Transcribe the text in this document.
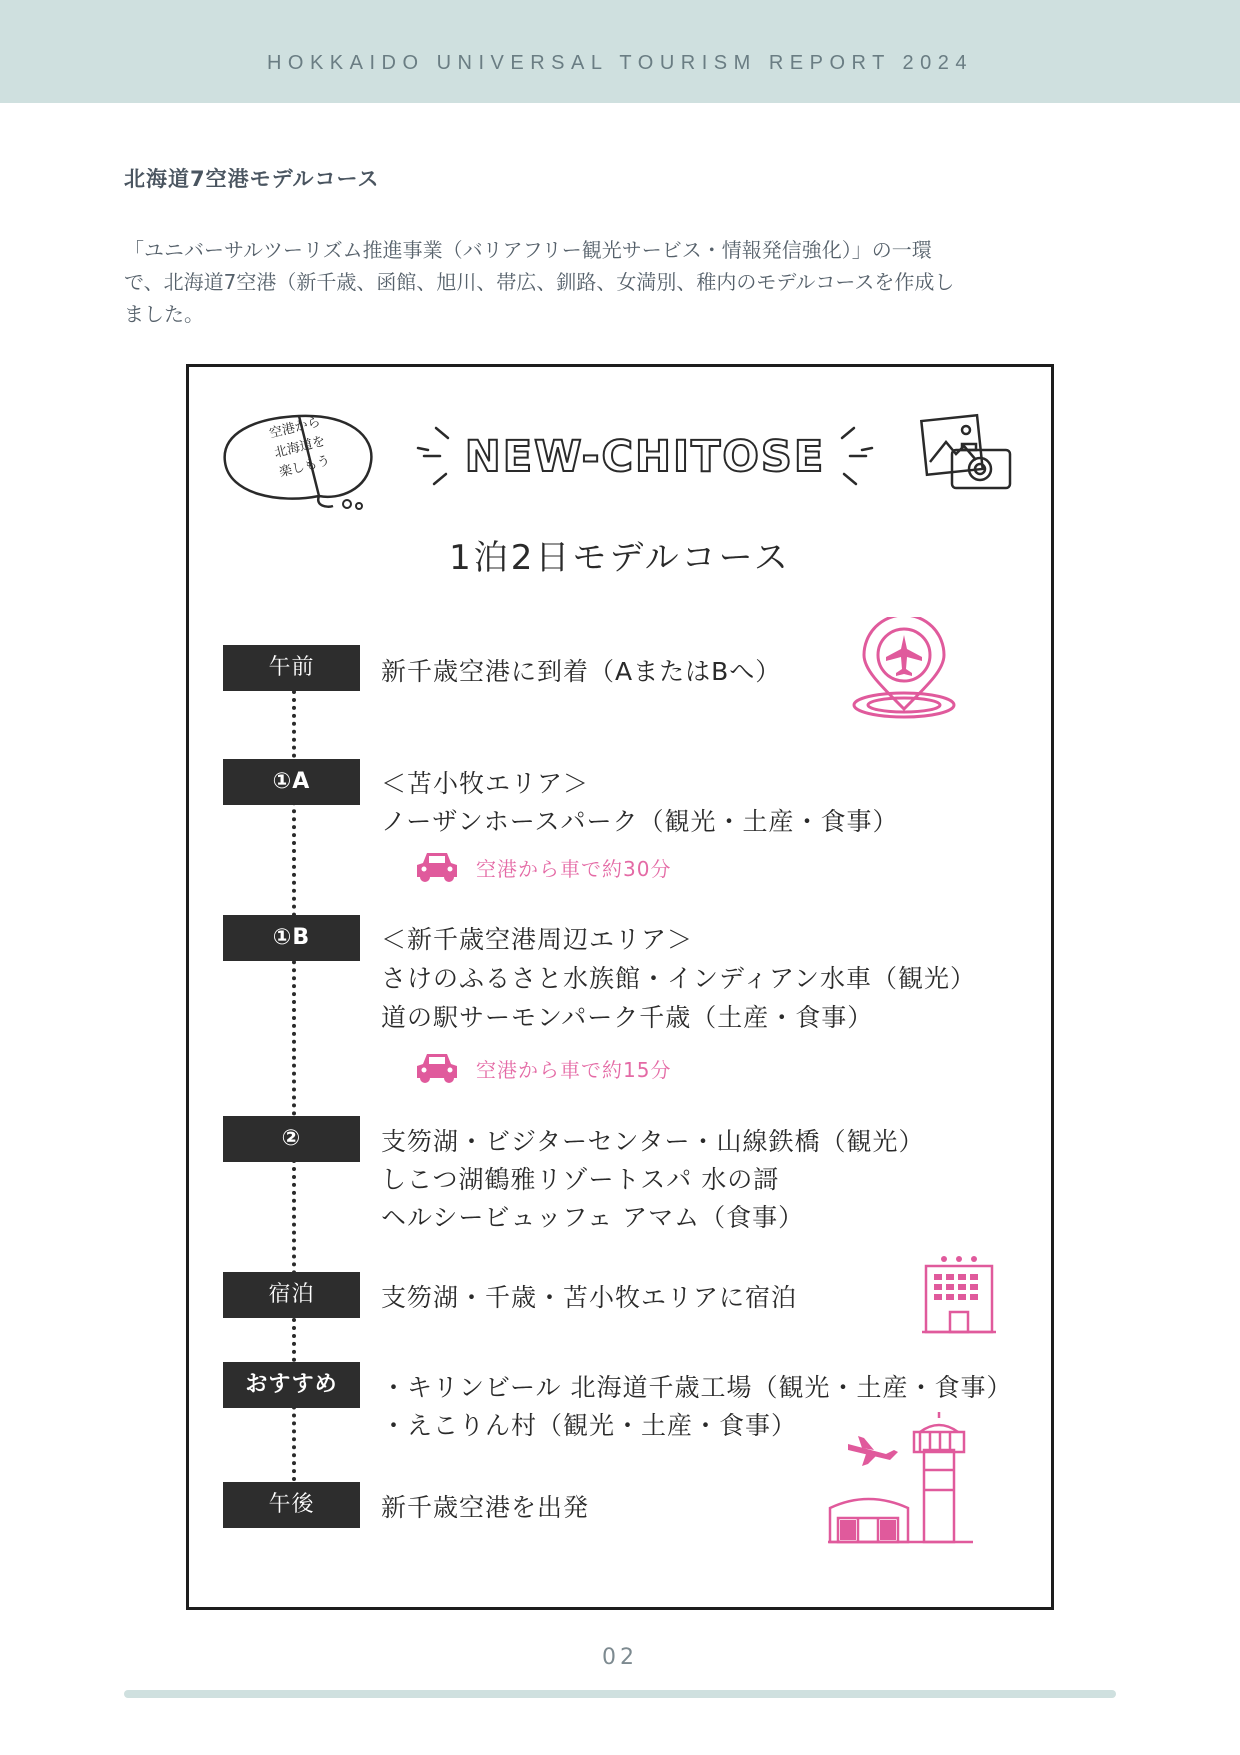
HOKKAIDO UNIVERSAL TOURISM REPORT 2024
北海道7空港モデルコース
「ユニバーサルツーリズム推進事業（バリアフリー観光サービス・情報発信強化）」の一環
で、北海道7空港（新千歳、函館、旭川、帯広、釧路、女満別、稚内のモデルコースを作成し
ました。
空港から
北海道を
楽しもう	NEW-CHITOSE
1泊2日モデルコース
午前	新千歳空港に到着（AまたはBへ）
①A	＜苫小牧エリア＞
ノーザンホースパーク（観光・土産・食事）
空港から車で約30分
①B	＜新千歳空港周辺エリア＞
さけのふるさと水族館・インディアン水車（観光）
道の駅サーモンパーク千歳（土産・食事）
空港から車で約15分
②	支笏湖・ビジターセンター・山線鉄橋（観光）
しこつ湖鶴雅リゾートスパ 水の謌
ヘルシービュッフェ アマム（食事）
宿泊	支笏湖・千歳・苫小牧エリアに宿泊
おすすめ	・キリンビール 北海道千歳工場（観光・土産・食事）
・えこりん村（観光・土産・食事）
午後	新千歳空港を出発
02
